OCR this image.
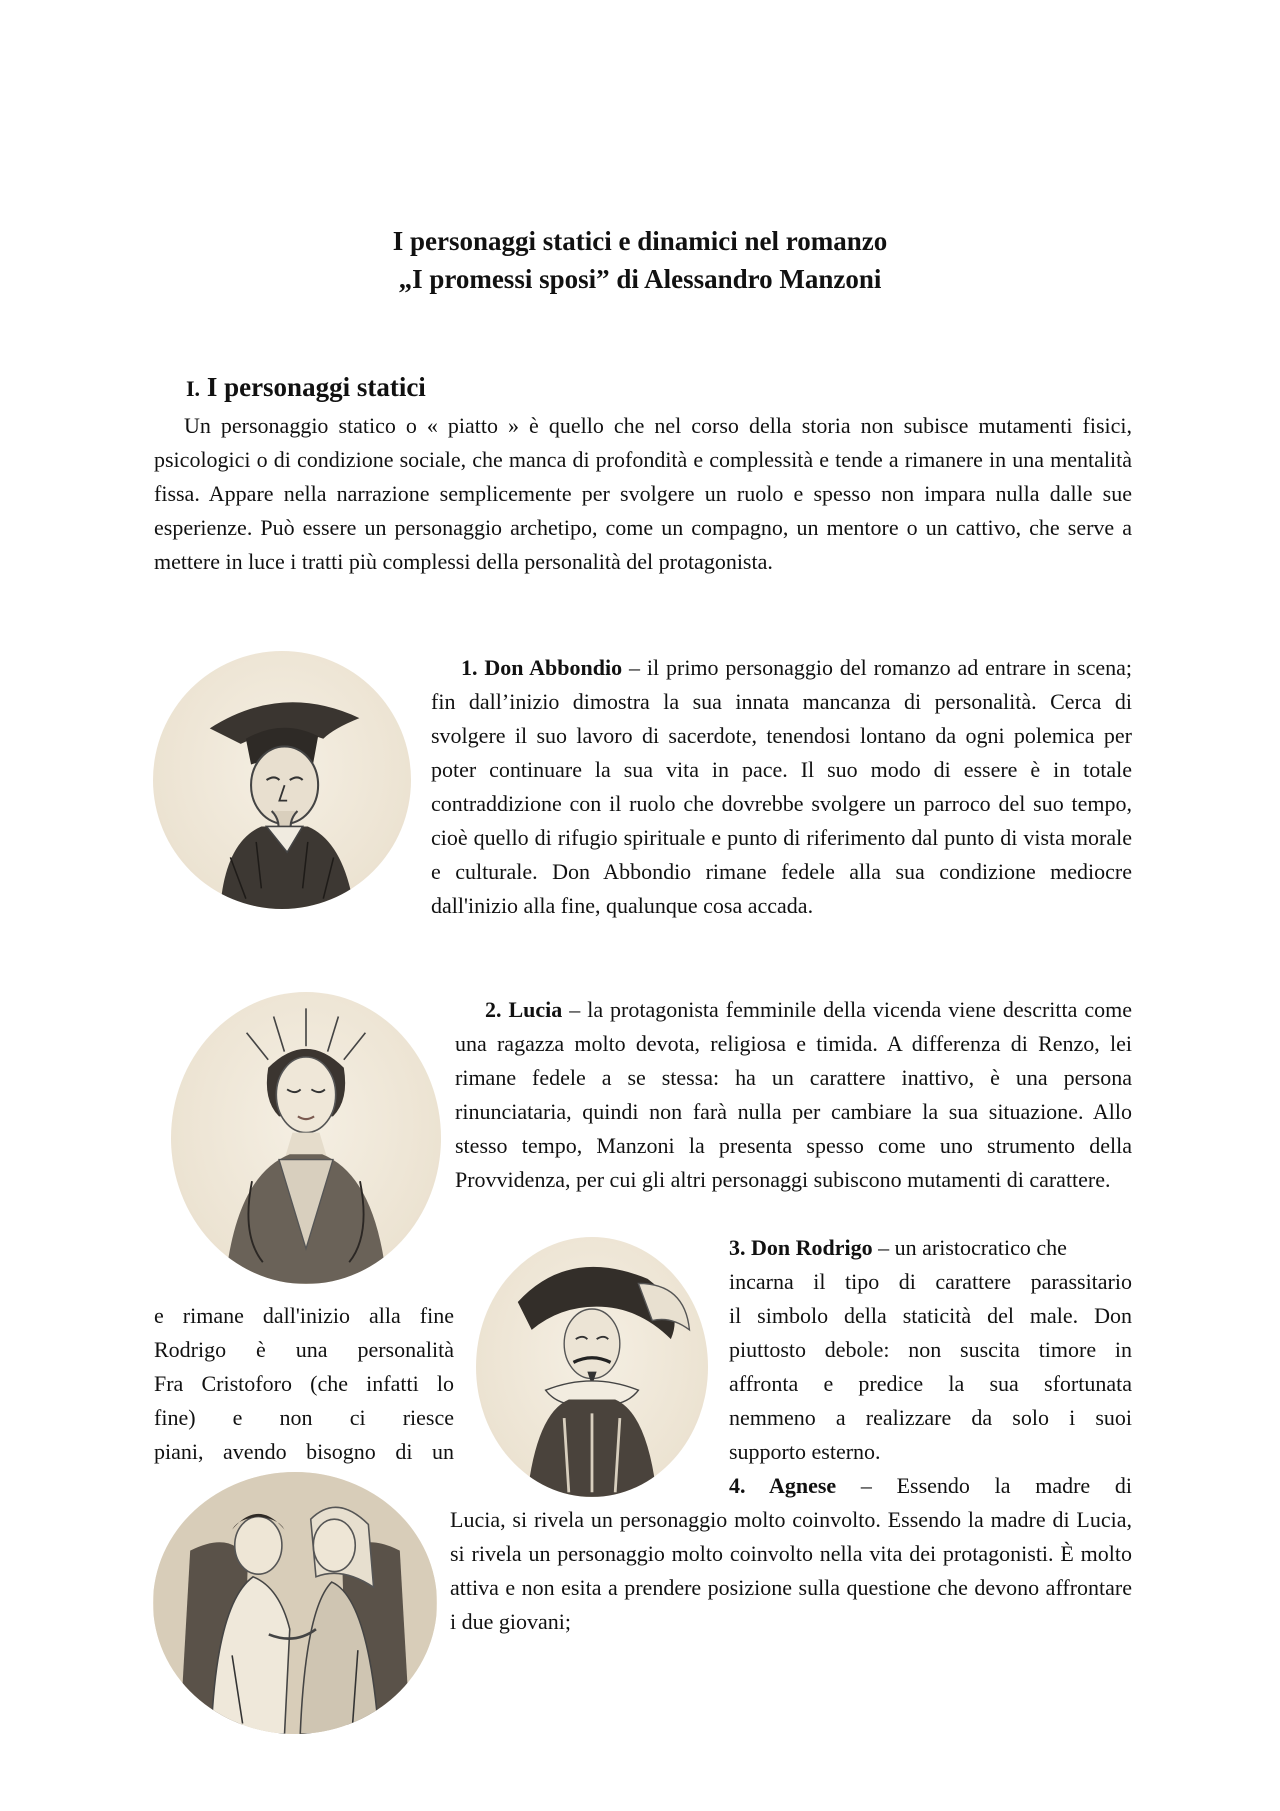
I personaggi statici e dinamici nel romanzo
„I promessi sposi” di Alessandro Manzoni
I. I personaggi statici

Un personaggio statico o « piatto » è quello che nel corso della storia non subisce mutamenti fisici, psicologici o di condizione sociale, che manca di profondità e complessità e tende a rimanere in una mentalità fissa. Appare nella narrazione semplicemente per svolgere un ruolo e spesso non impara nulla dalle sue esperienze. Può essere un personaggio archetipo, come un compagno, un mentore o un cattivo, che serve a mettere in luce i tratti più complessi della personalità del protagonista.

1. Don Abbondio – il primo personaggio del romanzo ad entrare in scena; fin dall’inizio dimostra la sua innata mancanza di personalità. Cerca di svolgere il suo lavoro di sacerdote, tenendosi lontano da ogni polemica per poter continuare la sua vita in pace. Il suo modo di essere è in totale contraddizione con il ruolo che dovrebbe svolgere un parroco del suo tempo, cioè quello di rifugio spirituale e punto di riferimento dal punto di vista morale e culturale. Don Abbondio rimane fedele alla sua condizione mediocre dall'inizio alla fine, qualunque cosa accada.

2. Lucia – la protagonista femminile della vicenda viene descritta come una ragazza molto devota, religiosa e timida. A differenza di Renzo, lei rimane fedele a se stessa: ha un carattere inattivo, è una persona rinunciataria, quindi non farà nulla per cambiare la sua situazione. Allo stesso tempo, Manzoni la presenta spesso come uno strumento della Provvidenza, per cui gli altri personaggi subiscono mutamenti di carattere.

3. Don Rodrigo – un aristocratico che
incarna il tipo di carattere parassitario
il simbolo della staticità del male. Don
piuttosto debole: non suscita timore in
affronta e predice la sua sfortunata
nemmeno a realizzare da solo i suoi
supporto esterno.
e rimane dall'inizio alla fine
Rodrigo è una personalità
Fra Cristoforo (che infatti lo
fine) e non ci riesce
piani, avendo bisogno di un
4. Agnese – Essendo la madre di

Lucia, si rivela un personaggio molto coinvolto. Essendo la madre di Lucia, si rivela un personaggio molto coinvolto nella vita dei protagonisti. È molto attiva e non esita a prendere posizione sulla questione che devono affrontare i due giovani;
